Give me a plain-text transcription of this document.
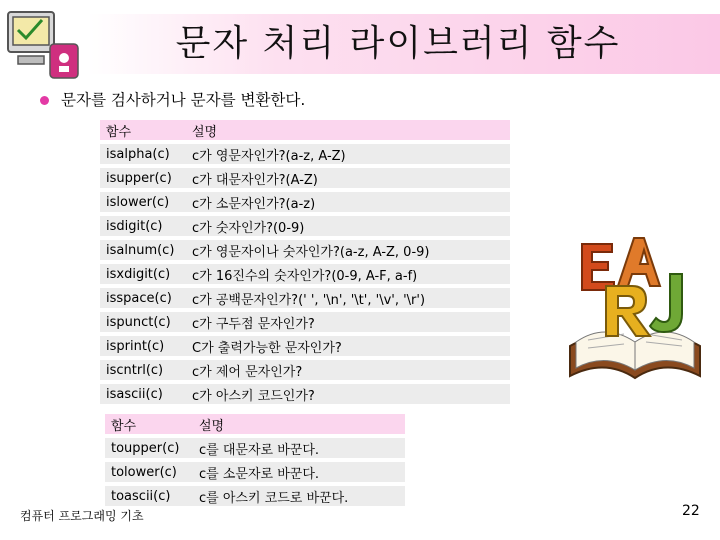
문자 처리 라이브러리 함수
문자를 검사하거나 문자를 변환한다.
함수	설명
isalpha(c)	c가 영문자인가?(a-z, A-Z)
isupper(c)	c가 대문자인가?(A-Z)
islower(c)	c가 소문자인가?(a-z)
isdigit(c)	c가 숫자인가?(0-9)
isalnum(c)	c가 영문자이나 숫자인가?(a-z, A-Z, 0-9)
isxdigit(c)	c가 16진수의 숫자인가?(0-9, A-F, a-f)
isspace(c)	c가 공백문자인가?(' ', '\n', '\t', '\v', '\r')
ispunct(c)	c가 구두점 문자인가?
isprint(c)	C가 출력가능한 문자인가?
iscntrl(c)	c가 제어 문자인가?
isascii(c)	c가 아스키 코드인가?
함수	설명
toupper(c)	c를 대문자로 바꾼다.
tolower(c)	c를 소문자로 바꾼다.
toascii(c)	c를 아스키 코드로 바꾼다.
컴퓨터 프로그래밍 기초	22
